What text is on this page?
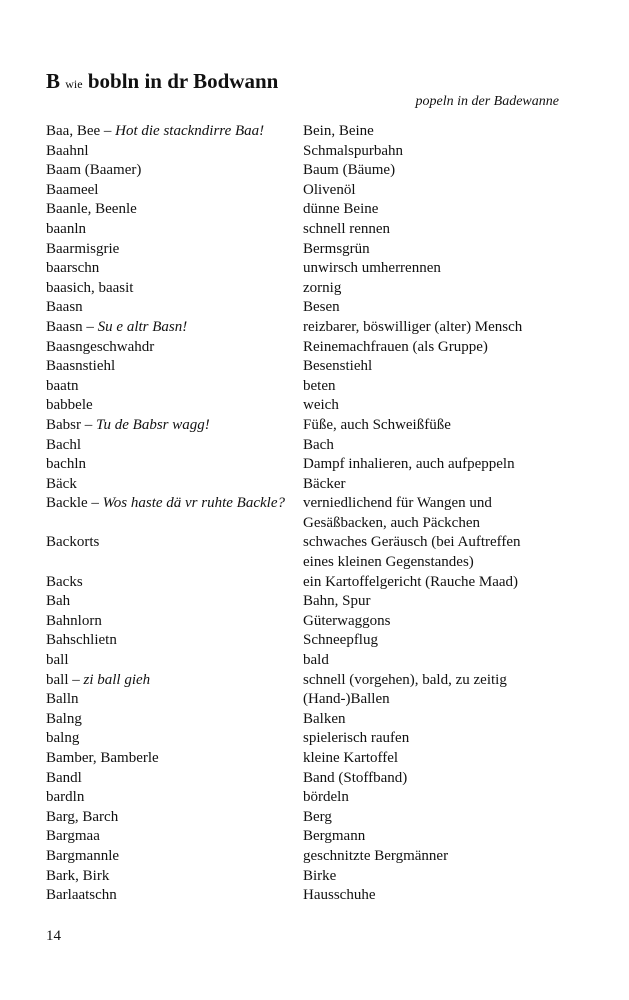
B wie bobln in dr Bodwann
popeln in der Badewanne
Baa, Bee – Hot die stackndirre Baa!	Bein, Beine
Baahnl	Schmalspurbahn
Baam (Baamer)	Baum (Bäume)
Baameel	Olivenöl
Baanle, Beenle	dünne Beine
baanln	schnell rennen
Baarmisgrie	Bermsgrün
baarschn	unwirsch umherrennen
baasich, baasit	zornig
Baasn	Besen
Baasn – Su e altr Basn!	reizbarer, böswilliger (alter) Mensch
Baasngeschwahdr	Reinemachfrauen (als Gruppe)
Baasnstiehl	Besenstiehl
baatn	beten
babbele	weich
Babsr – Tu de Babsr wagg!	Füße, auch Schweißfüße
Bachl	Bach
bachln	Dampf inhalieren, auch aufpeppeln
Bäck	Bäcker
Backle – Wos haste dä vr ruhte Backle?	verniedlichend für Wangen und
Gesäßbacken, auch Päckchen
Backorts	schwaches Geräusch (bei Auftreffen
eines kleinen Gegenstandes)
Backs	ein Kartoffelgericht (Rauche Maad)
Bah	Bahn, Spur
Bahnlorn	Güterwaggons
Bahschlietn	Schneepflug
ball	bald
ball – zi ball gieh	schnell (vorgehen), bald, zu zeitig
Balln	(Hand-)Ballen
Balng	Balken
balng	spielerisch raufen
Bamber, Bamberle	kleine Kartoffel
Bandl	Band (Stoffband)
bardln	bördeln
Barg, Barch	Berg
Bargmaa	Bergmann
Bargmannle	geschnitzte Bergmänner
Bark, Birk	Birke
Barlaatschn	Hausschuhe
14
